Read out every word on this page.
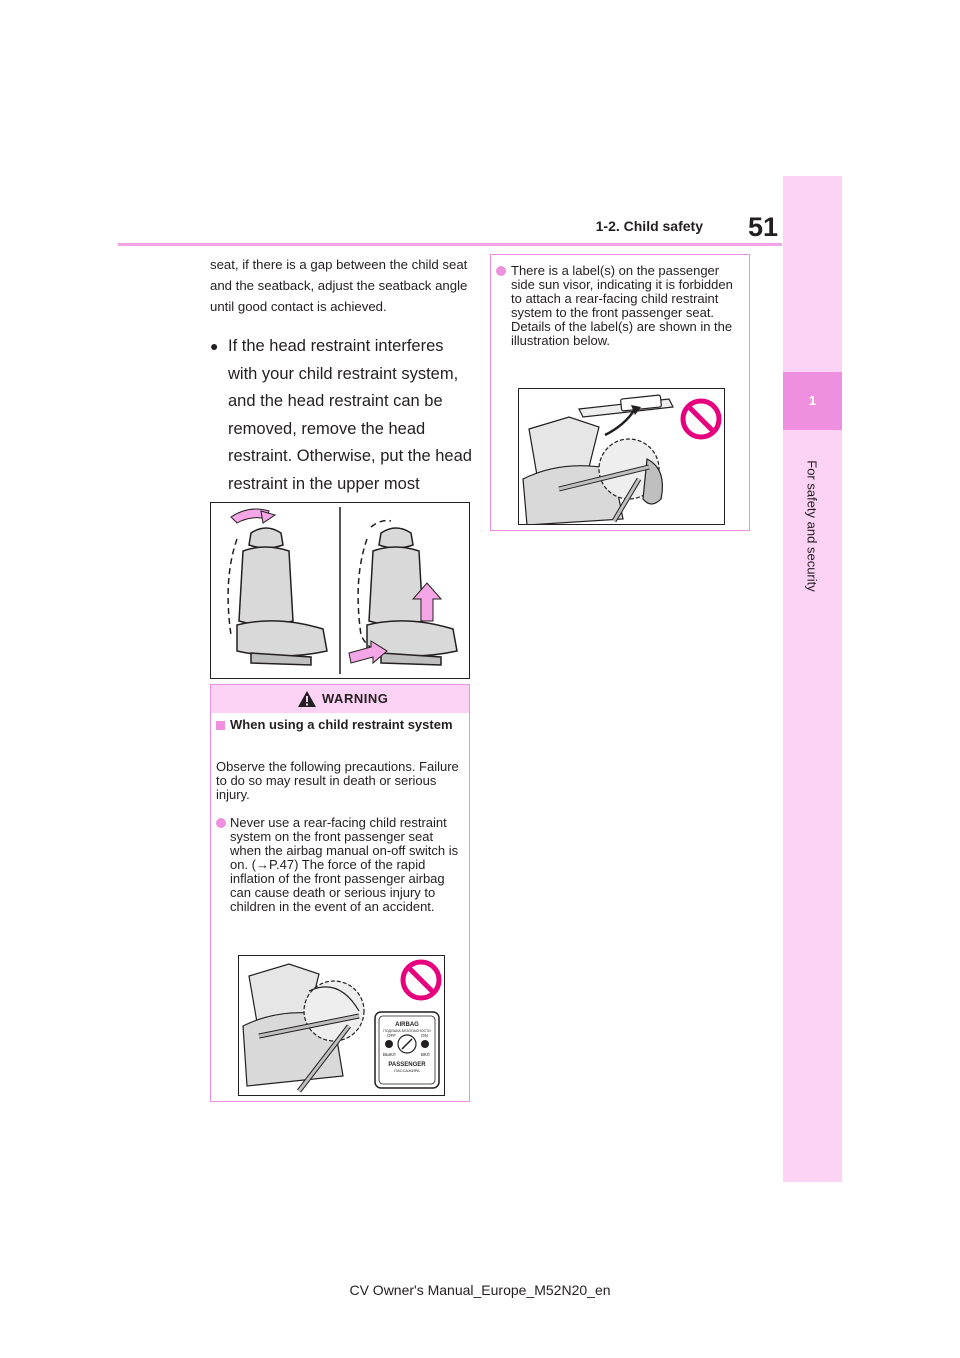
1-2. Child safety	51
1
For safety and security
seat, if there is a gap between the child seat and the seatback, adjust the seatback angle until good contact is achieved.
● If the head restraint interferes with your child restraint system, and the head restraint can be removed, remove the head restraint. Otherwise, put the head restraint in the upper most
WARNING
When using a child restraint system
Observe the following precautions. Failure to do so may result in death or serious injury.
Never use a rear-facing child restraint system on the front passenger seat when the airbag manual on-off switch is on. (→P.47) The force of the rapid inflation of the front passenger airbag can cause death or serious injury to children in the event of an accident.
AIRBAG
ПОДУШКА БЕЗОПАСНОСТИ
OFF	ON
ВЫКЛ	ВКЛ
PASSENGER
ПАССАЖИРА
There is a label(s) on the passenger side sun visor, indicating it is forbidden to attach a rear-facing child restraint system to the front passenger seat. Details of the label(s) are shown in the illustration below.
CV Owner's Manual_Europe_M52N20_en
